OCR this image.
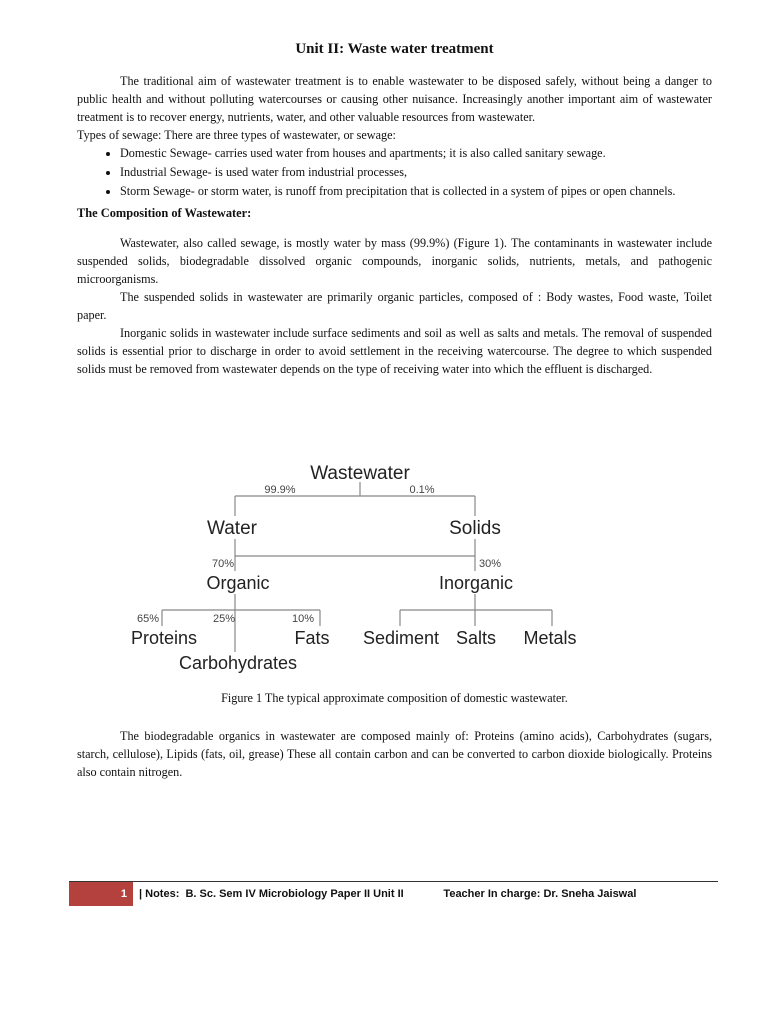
Unit II: Waste water treatment

The traditional aim of wastewater treatment is to enable wastewater to be disposed safely, without being a danger to public health and without polluting watercourses or causing other nuisance. Increasingly another important aim of wastewater treatment is to recover energy, nutrients, water, and other valuable resources from wastewater.

Types of sewage: There are three types of wastewater, or sewage:

• Domestic Sewage- carries used water from houses and apartments; it is also called sanitary sewage.
• Industrial Sewage- is used water from industrial processes,
• Storm Sewage- or storm water, is runoff from precipitation that is collected in a system of pipes or open channels.
The Composition of Wastewater:

Wastewater, also called sewage, is mostly water by mass (99.9%) (Figure 1). The contaminants in wastewater include suspended solids, biodegradable dissolved organic compounds, inorganic solids, nutrients, metals, and pathogenic microorganisms.

The suspended solids in wastewater are primarily organic particles, composed of : Body wastes, Food waste, Toilet paper.

Inorganic solids in wastewater include surface sediments and soil as well as salts and metals. The removal of suspended solids is essential prior to discharge in order to avoid settlement in the receiving watercourse. The degree to which suspended solids must be removed from wastewater depends on the type of receiving water into which the effluent is discharged.

Wastewater
99.9%	0.1%
Water	Solids
70%	30%
Organic	Inorganic
65%	25%	10%
Proteins	Fats
Carbohydrates
Sediment Salts Metals
Figure 1 The typical approximate composition of domestic wastewater.

The biodegradable organics in wastewater are composed mainly of: Proteins (amino acids), Carbohydrates (sugars, starch, cellulose), Lipids (fats, oil, grease) These all contain carbon and can be converted to carbon dioxide biologically. Proteins also contain nitrogen.

1	| Notes:  B. Sc. Sem IV Microbiology Paper II Unit II	Teacher In charge: Dr. Sneha Jaiswal
